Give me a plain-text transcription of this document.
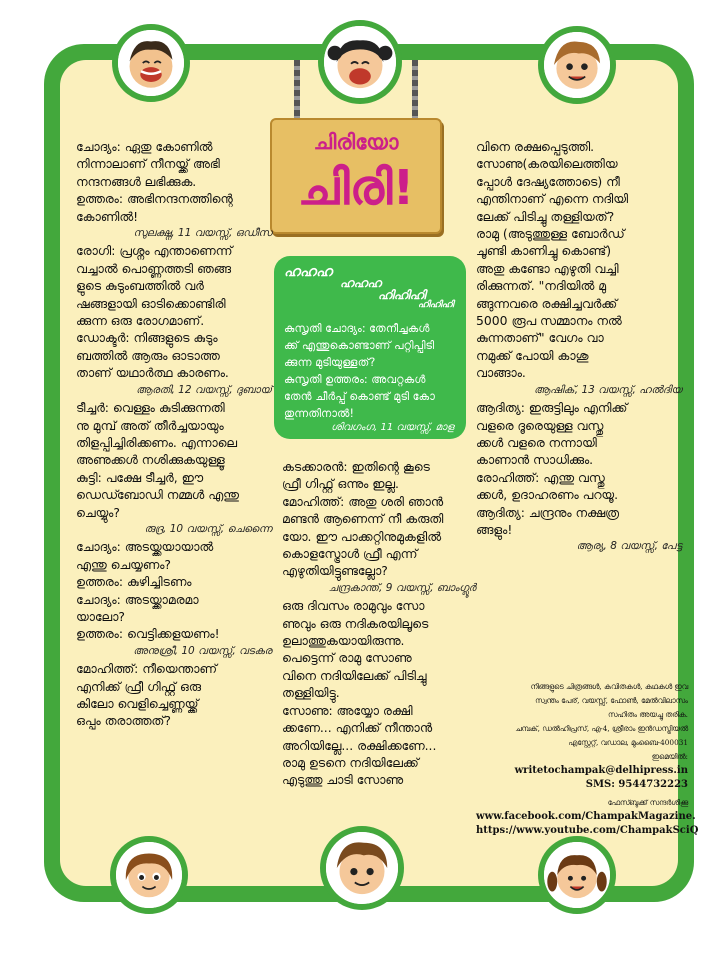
ചിരിയോ
ചിരി!

ചോദ്യം: ഏതു കോണിൽ
നിന്നാലാണ് നീനയ്ക്ക് അഭി
നന്ദനങ്ങൾ ലഭിക്കുക.
ഉത്തരം: അഭിനന്ദനത്തിന്റെ
കോണിൽ!

സുലക്ഷ്ന, 11 വയസ്സ്, ഒഡീസ

രോഗി: പ്രശ്നം എന്താണെന്ന്
വച്ചാൽ പൊണ്ണത്തടി ഞങ്ങ
ളുടെ കുടുംബത്തിൽ വർ
ഷങ്ങളായി ഓടിക്കൊണ്ടിരി
ക്കുന്ന ഒരു രോഗമാണ്.
ഡോക്ടർ: നിങ്ങളുടെ കുടും
ബത്തിൽ ആരും ഓടാത്ത
താണ് യഥാർത്ഥ കാരണം.

ആരതി, 12 വയസ്സ്, ദുബായ്

ടീച്ചർ: വെള്ളം കുടിക്കുന്നതി
നു മുമ്പ് അത് തീർച്ചയായും
തിളപ്പിച്ചിരിക്കണം. എന്നാലെ
അണുക്കൾ നശിക്കുകയുള്ളൂ
കുട്ടി: പക്ഷേ ടീച്ചർ, ഈ
ഡെഡ്ബോഡി നമ്മൾ എന്തു
ചെയ്യും?

രുദ്ര, 10 വയസ്സ്, ചെന്നൈ

ചോദ്യം: അടയ്ക്കയായാൽ
എന്തു ചെയ്യണം?
ഉത്തരം: കുഴിച്ചിടണം
ചോദ്യം: അടയ്ക്കാമരമാ
യാലോ?
ഉത്തരം: വെട്ടിക്കളയണം!

അനുശ്രീ, 10 വയസ്സ്, വടകര

മോഹിത്ത്: നീയെന്താണ്
എനിക്ക് ഫ്രീ ഗിഫ്റ്റ് ഒരു
കിലോ വെളിച്ചെണ്ണയ്ക്ക്
ഒപ്പം തരാത്തത്?

ഹഹഹ
ഹഹഹ
ഹിഹിഹി
ഹിഹിഹി
കുസൃതി ചോദ്യം: തേനീച്ചകൾ
ക്ക് എന്തുകൊണ്ടാണ് പറ്റിപ്പിടി
ക്കുന്ന മുടിയുള്ളത്?
കുസൃതി ഉത്തരം: അവറ്റകൾ
തേൻ ചീർപ്പ് കൊണ്ട് മുടി കോ
തുന്നതിനാൽ!
ശിവഗംഗ, 11 വയസ്സ്, മാള

കടക്കാരൻ: ഇതിന്റെ കൂടെ
ഫ്രീ ഗിഫ്റ്റ് ഒന്നും ഇല്ല.
മോഹിത്ത്: അതു ശരി ഞാൻ
മണ്ടൻ ആണെന്ന് നീ കരുതി
യോ. ഈ പാക്കറ്റിനുമുകളിൽ
കൊളസ്ട്രോൾ ഫ്രീ എന്ന്
എഴുതിയിട്ടുണ്ടല്ലോ?

ചന്ദ്രകാന്ത്, 9 വയസ്സ്, ബാംഗ്ലൂർ

ഒരു ദിവസം രാമുവും സോ
ണുവും ഒരു നദികരയിലൂടെ
ഉലാത്തുകയായിരുന്നു.
പെട്ടെന്ന് രാമു സോണു
വിനെ നദിയിലേക്ക് പിടിച്ചു
തള്ളിയിട്ടു.
സോണു: അയ്യോ രക്ഷി
ക്കണേ... എനിക്ക് നീന്താൻ
അറിയില്ലേ... രക്ഷിക്കണേ...
രാമു ഉടനെ നദിയിലേക്ക്
എടുത്തു ചാടി സോണു

വിനെ രക്ഷപ്പെടുത്തി.
സോണു(കരയിലെത്തിയ
പ്പോൾ ദേഷ്യത്തോടെ) നീ
എന്തിനാണ് എന്നെ നദിയി
ലേക്ക് പിടിച്ചു തള്ളിയത്?
രാമു (അടുത്തുള്ള ബോർഡ്
ചൂണ്ടി കാണിച്ചു കൊണ്ട്)
അതു കണ്ടോ എഴുതി വച്ചി
രിക്കുന്നത്. "നദിയിൽ മു
ങ്ങുന്നവരെ രക്ഷിച്ചവർക്ക്
5000 രൂപ സമ്മാനം നൽ
കുന്നതാണ്" വേഗം വാ
നമുക്ക് പോയി കാശു
വാങ്ങാം.

ആഷിക്, 13 വയസ്സ്, ഹൽദിയ

ആദിത്യ: ഇരുട്ടിലും എനിക്ക്
വളരെ ദൂരെയുള്ള വസ്തു
ക്കൾ വളരെ നന്നായി
കാണാൻ സാധിക്കും.
രോഹിത്ത്: എന്തു വസ്തു
ക്കൾ, ഉദാഹരണം പറയൂ.
ആദിത്യ: ചന്ദ്രനും നക്ഷത്ര
ങ്ങളും!

ആര്യ, 8 വയസ്സ്, പേട്ട

നിങ്ങളുടെ ചിത്രങ്ങൾ, കവിതകൾ, കഥകൾ ഇവ
സ്വന്തം പേര്, വയസ്സ്, ഫോൺ, മേൽവിലാസം
സഹിതം അയച്ചു തരിക.
ചമ്പക്, ഡൽഹിപ്രസ്, എ-4, ശ്രീരാം ഇൻഡസ്ട്രിയൽ
എസ്റ്റേറ്റ്, വഡാല, മുംബൈ-400031
ഇമെയിൽ: writetochampak@delhipress.in
SMS: 9544732223
ഫേസ്ബുക്ക് സന്ദർശിക്കൂ
www.facebook.com/ChampakMagazine.
https://www.youtube.com/ChampakSciQ
